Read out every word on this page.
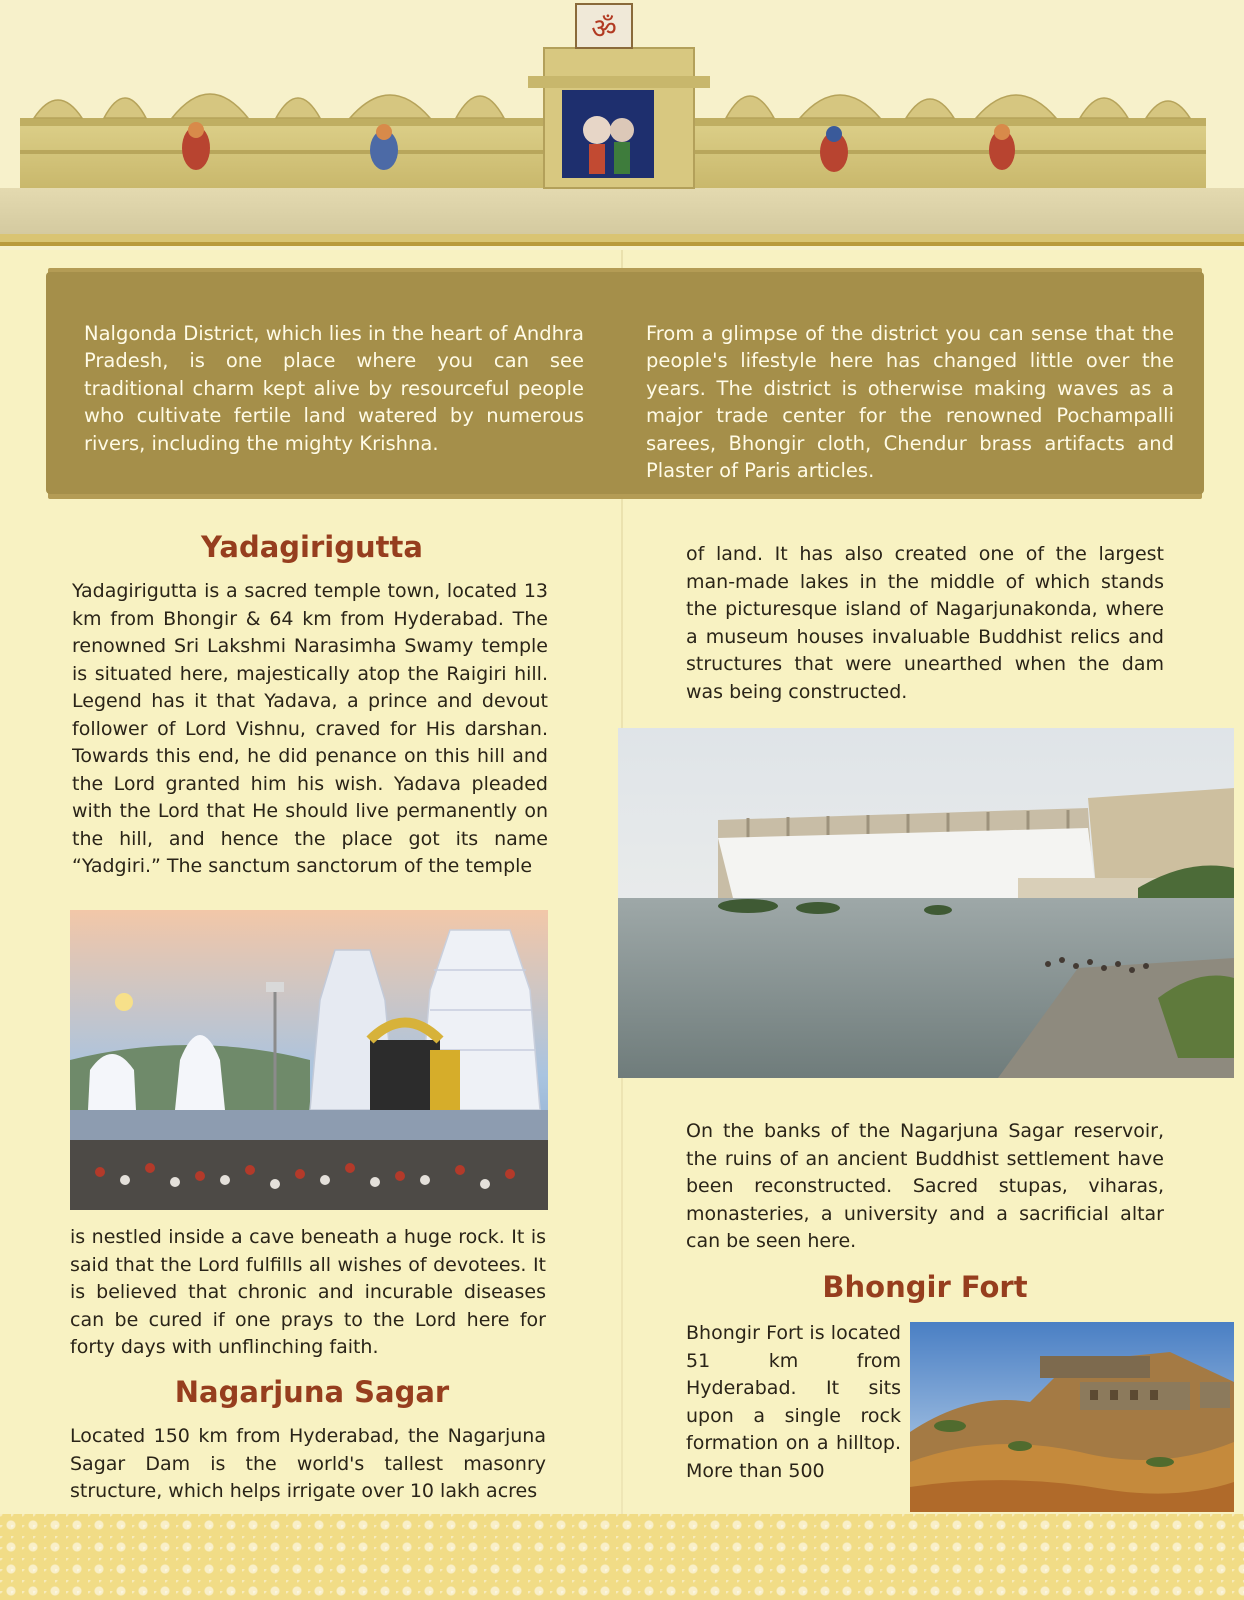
ॐ

Nalgonda District, which lies in the heart of Andhra Pradesh, is one place where you can see traditional charm kept alive by resourceful people who cultivate fertile land watered by numerous rivers, including the mighty Krishna.

From a glimpse of the district you can sense that the people's lifestyle here has changed little over the years. The district is otherwise making waves as a major trade center for the renowned Pochampalli sarees, Bhongir cloth, Chendur brass artifacts and Plaster of Paris articles.

Yadagirigutta

Yadagirigutta is a sacred temple town, located 13 km from Bhongir & 64 km from Hyderabad. The renowned Sri Lakshmi Narasimha Swamy temple is situated here, majestically atop the Raigiri hill. Legend has it that Yadava, a prince and devout follower of Lord Vishnu, craved for His darshan. Towards this end, he did penance on this hill and the Lord granted him his wish. Yadava pleaded with the Lord that He should live permanently on the hill, and hence the place got its name “Yadgiri.” The sanctum sanctorum of the temple

is nestled inside a cave beneath a huge rock. It is said that the Lord fulfills all wishes of devotees. It is believed that chronic and incurable diseases can be cured if one prays to the Lord here for forty days with unflinching faith.

Nagarjuna Sagar

Located 150 km from Hyderabad, the Nagarjuna Sagar Dam is the world's tallest masonry structure, which helps irrigate over 10 lakh acres

of land. It has also created one of the largest man-made lakes in the middle of which stands the picturesque island of Nagarjunakonda, where a museum houses invaluable Buddhist relics and structures that were unearthed when the dam was being constructed.

On the banks of the Nagarjuna Sagar reservoir, the ruins of an ancient Buddhist settlement have been reconstructed. Sacred stupas, viharas, monasteries, a university and a sacrificial altar can be seen here.

Bhongir Fort

Bhongir Fort is located 51 km from Hyderabad. It sits upon a single rock formation on a hilltop. More than 500
